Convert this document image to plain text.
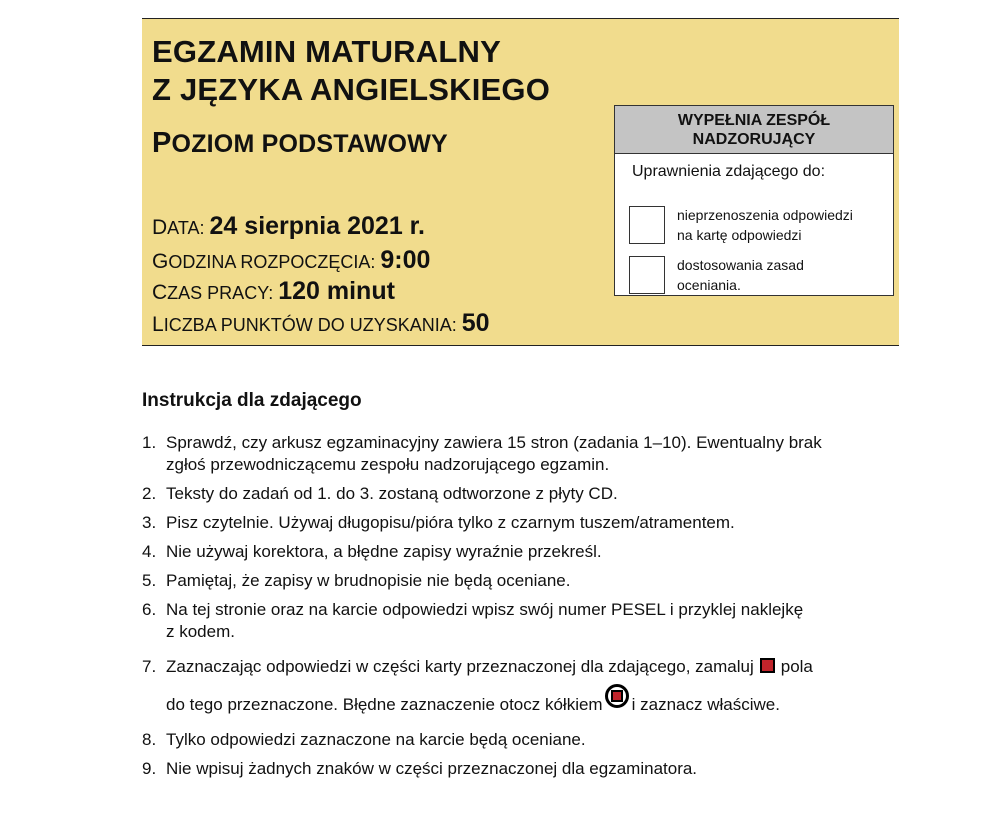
EGZAMIN MATURALNY
Z JĘZYKA ANGIELSKIEGO
POZIOM PODSTAWOWY
DATA: 24 sierpnia 2021 r.
GODZINA ROZPOCZĘCIA: 9:00
CZAS PRACY: 120 minut
LICZBA PUNKTÓW DO UZYSKANIA: 50
WYPEŁNIA ZESPÓŁ
NADZORUJĄCY
Uprawnienia zdającego do:
nieprzenoszenia odpowiedzi
na kartę odpowiedzi
dostosowania zasad
oceniania.
Instrukcja dla zdającego
1. Sprawdź, czy arkusz egzaminacyjny zawiera 15 stron (zadania 1–10). Ewentualny brak
zgłoś przewodniczącemu zespołu nadzorującego egzamin.
2. Teksty do zadań od 1. do 3. zostaną odtworzone z płyty CD.
3. Pisz czytelnie. Używaj długopisu/pióra tylko z czarnym tuszem/atramentem.
4. Nie używaj korektora, a błędne zapisy wyraźnie przekreśl.
5. Pamiętaj, że zapisy w brudnopisie nie będą oceniane.
6. Na tej stronie oraz na karcie odpowiedzi wpisz swój numer PESEL i przyklej naklejkę
z kodem.
7. Zaznaczając odpowiedzi w części karty przeznaczonej dla zdającego, zamaluj pola
do tego przeznaczone. Błędne zaznaczenie otocz kółkiem i zaznacz właściwe.
8. Tylko odpowiedzi zaznaczone na karcie będą oceniane.
9. Nie wpisuj żadnych znaków w części przeznaczonej dla egzaminatora.
